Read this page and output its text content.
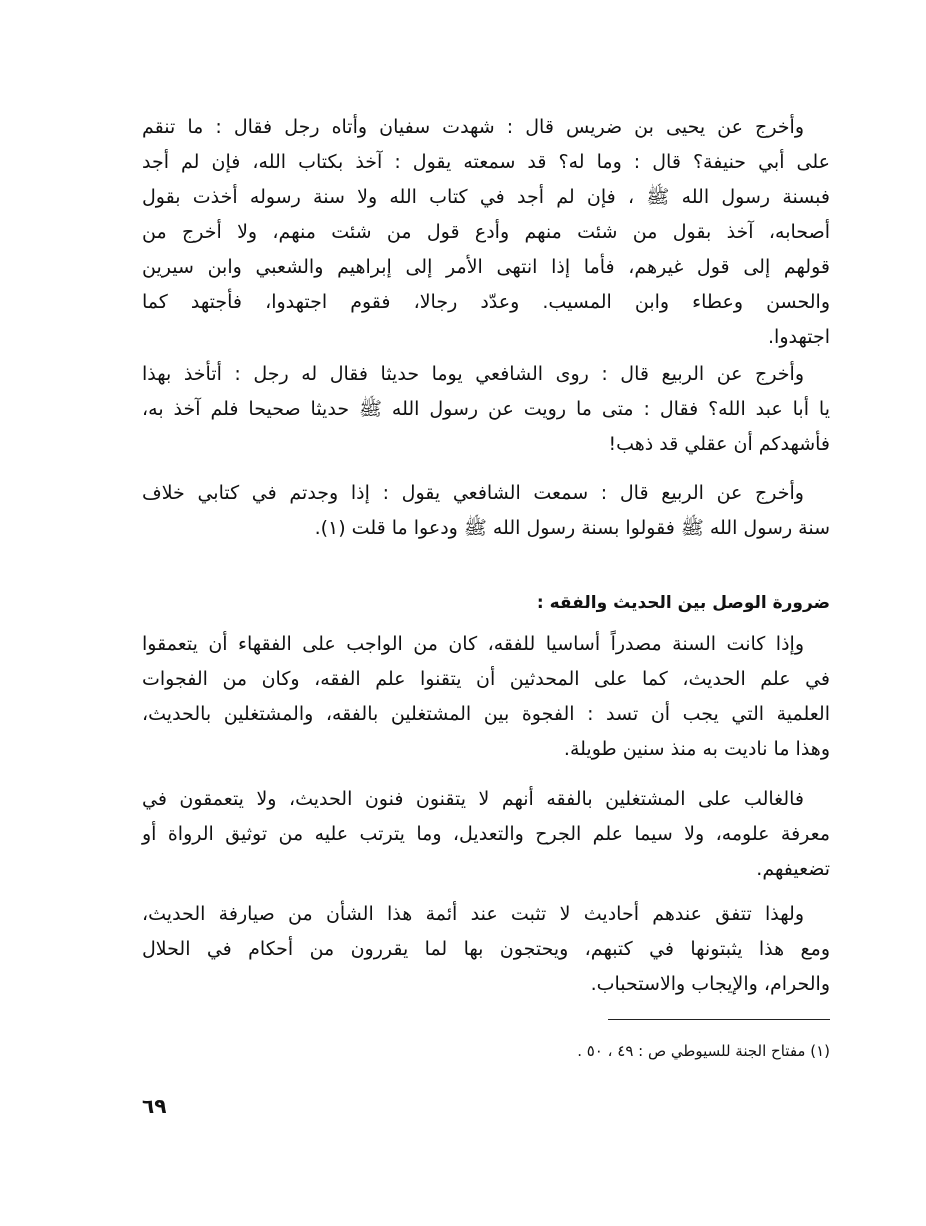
وأخرج عن يحيى بن ضريس قال : شهدت سفيان وأتاه رجل فقال : ما تنقم
على أبي حنيفة؟ قال : وما له؟ قد سمعته يقول : آخذ بكتاب الله، فإن لم أجد
فبسنة رسول الله ﷺ ، فإن لم أجد في كتاب الله ولا سنة رسوله أخذت بقول
أصحابه، آخذ بقول من شئت منهم وأدع قول من شئت منهم، ولا أخرج من
قولهم إلى قول غيرهم، فأما إذا انتهى الأمر إلى إبراهيم والشعبي وابن سيرين
والحسن وعطاء وابن المسيب. وعدّد رجالا، فقوم اجتهدوا، فأجتهد كما
اجتهدوا.
وأخرج عن الربيع قال : روى الشافعي يوما حديثا فقال له رجل : أتأخذ بهذا
يا أبا عبد الله؟ فقال : متى ما رويت عن رسول الله ﷺ حديثا صحيحا فلم آخذ به،
فأشهدكم أن عقلي قد ذهب!
وأخرج عن الربيع قال : سمعت الشافعي يقول : إذا وجدتم في كتابي خلاف
سنة رسول الله ﷺ فقولوا بسنة رسول الله ﷺ ودعوا ما قلت (١).
ضرورة الوصل بين الحديث والفقه :
وإذا كانت السنة مصدراً أساسيا للفقه، كان من الواجب على الفقهاء أن يتعمقوا
في علم الحديث، كما على المحدثين أن يتقنوا علم الفقه، وكان من الفجوات
العلمية التي يجب أن تسد : الفجوة بين المشتغلين بالفقه، والمشتغلين بالحديث،
وهذا ما ناديت به منذ سنين طويلة.
فالغالب على المشتغلين بالفقه أنهم لا يتقنون فنون الحديث، ولا يتعمقون في
معرفة علومه، ولا سيما علم الجرح والتعديل، وما يترتب عليه من توثيق الرواة أو
تضعيفهم.
ولهذا تتفق عندهم أحاديث لا تثبت عند أئمة هذا الشأن من صيارفة الحديث،
ومع هذا يثبتونها في كتبهم، ويحتجون بها لما يقررون من أحكام في الحلال
والحرام، والإيجاب والاستحباب.
(١) مفتاح الجنة للسيوطي ص : ٤٩ ، ٥٠ .
٦٩
